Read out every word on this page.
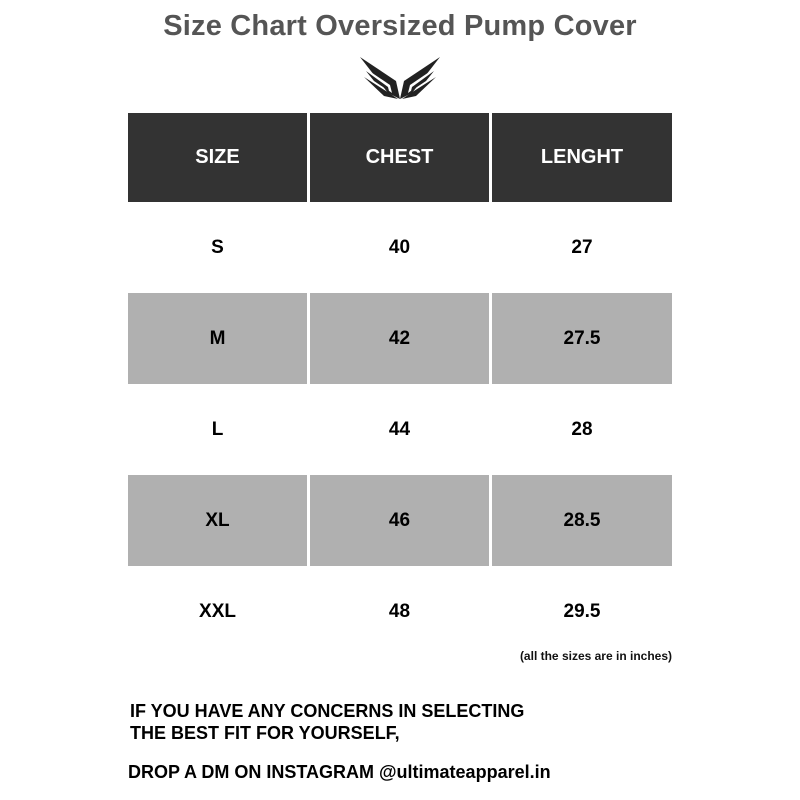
Size Chart Oversized Pump Cover
SIZE	CHEST	LENGHT
S	40	27
M	42	27.5
L	44	28
XL	46	28.5
XXL	48	29.5
(all the sizes are in inches)
IF YOU HAVE ANY CONCERNS IN SELECTING
THE BEST FIT FOR YOURSELF,
DROP A DM ON INSTAGRAM @ultimateapparel.in
